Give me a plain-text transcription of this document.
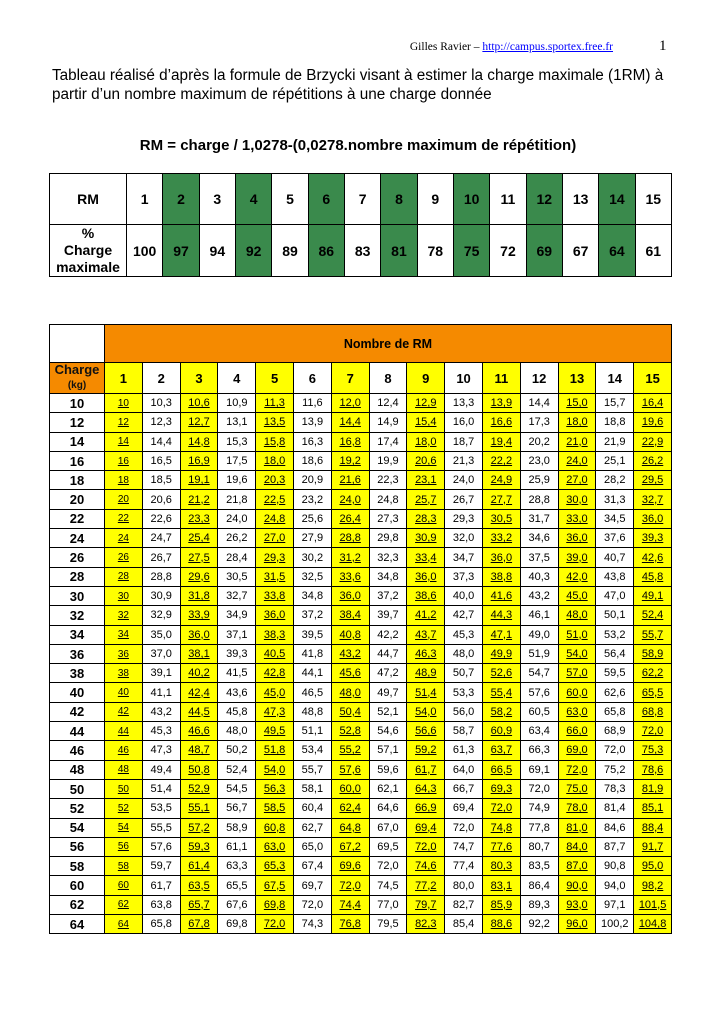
Gilles Ravier – http://campus.sportex.free.fr	1
Tableau réalisé d’après la formule de Brzycki visant à estimer la charge maximale (1RM) à partir d’un nombre maximum de répétitions à une charge donnée
RM = charge / 1,0278-(0,0278.nombre maximum de répétition)
RM	1	2	3	4	5	6	7	8	9	10	11	12	13	14	15
%
Charge
maximale	100	97	94	92	89	86	83	81	78	75	72	69	67	64	61
	Nombre de RM														
Charge
(kg)	1	2	3	4	5	6	7	8	9	10	11	12	13	14	15
10	10	10,3	10,6	10,9	11,3	11,6	12,0	12,4	12,9	13,3	13,9	14,4	15,0	15,7	16,4
12	12	12,3	12,7	13,1	13,5	13,9	14,4	14,9	15,4	16,0	16,6	17,3	18,0	18,8	19,6
14	14	14,4	14,8	15,3	15,8	16,3	16,8	17,4	18,0	18,7	19,4	20,2	21,0	21,9	22,9
16	16	16,5	16,9	17,5	18,0	18,6	19,2	19,9	20,6	21,3	22,2	23,0	24,0	25,1	26,2
18	18	18,5	19,1	19,6	20,3	20,9	21,6	22,3	23,1	24,0	24,9	25,9	27,0	28,2	29,5
20	20	20,6	21,2	21,8	22,5	23,2	24,0	24,8	25,7	26,7	27,7	28,8	30,0	31,3	32,7
22	22	22,6	23,3	24,0	24,8	25,6	26,4	27,3	28,3	29,3	30,5	31,7	33,0	34,5	36,0
24	24	24,7	25,4	26,2	27,0	27,9	28,8	29,8	30,9	32,0	33,2	34,6	36,0	37,6	39,3
26	26	26,7	27,5	28,4	29,3	30,2	31,2	32,3	33,4	34,7	36,0	37,5	39,0	40,7	42,6
28	28	28,8	29,6	30,5	31,5	32,5	33,6	34,8	36,0	37,3	38,8	40,3	42,0	43,8	45,8
30	30	30,9	31,8	32,7	33,8	34,8	36,0	37,2	38,6	40,0	41,6	43,2	45,0	47,0	49,1
32	32	32,9	33,9	34,9	36,0	37,2	38,4	39,7	41,2	42,7	44,3	46,1	48,0	50,1	52,4
34	34	35,0	36,0	37,1	38,3	39,5	40,8	42,2	43,7	45,3	47,1	49,0	51,0	53,2	55,7
36	36	37,0	38,1	39,3	40,5	41,8	43,2	44,7	46,3	48,0	49,9	51,9	54,0	56,4	58,9
38	38	39,1	40,2	41,5	42,8	44,1	45,6	47,2	48,9	50,7	52,6	54,7	57,0	59,5	62,2
40	40	41,1	42,4	43,6	45,0	46,5	48,0	49,7	51,4	53,3	55,4	57,6	60,0	62,6	65,5
42	42	43,2	44,5	45,8	47,3	48,8	50,4	52,1	54,0	56,0	58,2	60,5	63,0	65,8	68,8
44	44	45,3	46,6	48,0	49,5	51,1	52,8	54,6	56,6	58,7	60,9	63,4	66,0	68,9	72,0
46	46	47,3	48,7	50,2	51,8	53,4	55,2	57,1	59,2	61,3	63,7	66,3	69,0	72,0	75,3
48	48	49,4	50,8	52,4	54,0	55,7	57,6	59,6	61,7	64,0	66,5	69,1	72,0	75,2	78,6
50	50	51,4	52,9	54,5	56,3	58,1	60,0	62,1	64,3	66,7	69,3	72,0	75,0	78,3	81,9
52	52	53,5	55,1	56,7	58,5	60,4	62,4	64,6	66,9	69,4	72,0	74,9	78,0	81,4	85,1
54	54	55,5	57,2	58,9	60,8	62,7	64,8	67,0	69,4	72,0	74,8	77,8	81,0	84,6	88,4
56	56	57,6	59,3	61,1	63,0	65,0	67,2	69,5	72,0	74,7	77,6	80,7	84,0	87,7	91,7
58	58	59,7	61,4	63,3	65,3	67,4	69,6	72,0	74,6	77,4	80,3	83,5	87,0	90,8	95,0
60	60	61,7	63,5	65,5	67,5	69,7	72,0	74,5	77,2	80,0	83,1	86,4	90,0	94,0	98,2
62	62	63,8	65,7	67,6	69,8	72,0	74,4	77,0	79,7	82,7	85,9	89,3	93,0	97,1	101,5
64	64	65,8	67,8	69,8	72,0	74,3	76,8	79,5	82,3	85,4	88,6	92,2	96,0	100,2	104,8
